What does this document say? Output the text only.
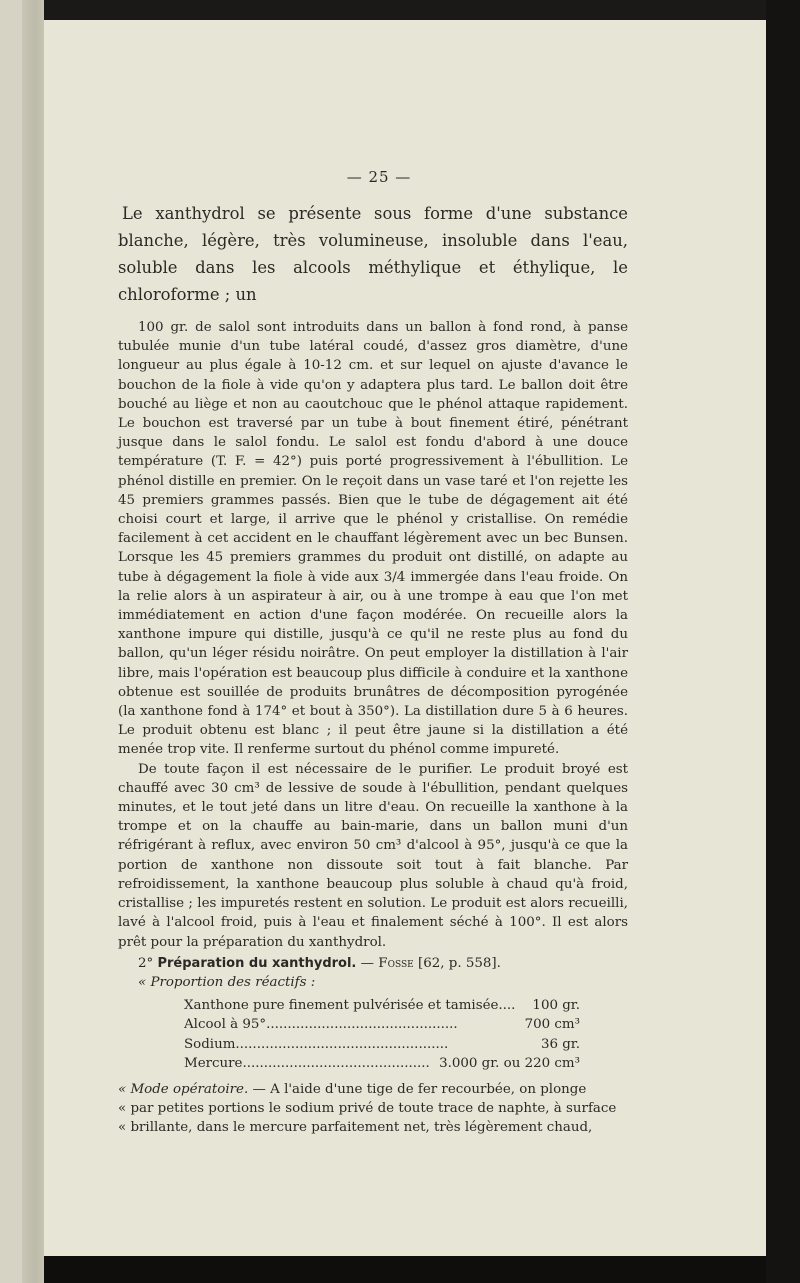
— 25 —

Le xanthydrol se présente sous forme d'une substance blanche, légère, très volumineuse, insoluble dans l'eau, soluble dans les alcools méthylique et éthylique, le chloroforme ; un

100 gr. de salol sont introduits dans un ballon à fond rond, à panse tubulée munie d'un tube latéral coudé, d'assez gros diamètre, d'une longueur au plus égale à 10-12 cm. et sur lequel on ajuste d'avance le bouchon de la fiole à vide qu'on y adaptera plus tard. Le ballon doit être bouché au liège et non au caoutchouc que le phénol attaque rapidement. Le bouchon est traversé par un tube à bout finement étiré, pénétrant jusque dans le salol fondu. Le salol est fondu d'abord à une douce température (T. F. = 42°) puis porté progressivement à l'ébullition. Le phénol distille en premier. On le reçoit dans un vase taré et l'on rejette les 45 premiers grammes passés. Bien que le tube de dégagement ait été choisi court et large, il arrive que le phénol y cristallise. On remédie facilement à cet accident en le chauffant légèrement avec un bec Bunsen. Lorsque les 45 premiers grammes du produit ont distillé, on adapte au tube à dégagement la fiole à vide aux 3/4 immergée dans l'eau froide. On la relie alors à un aspirateur à air, ou à une trompe à eau que l'on met immédiatement en action d'une façon modérée. On recueille alors la xanthone impure qui distille, jusqu'à ce qu'il ne reste plus au fond du ballon, qu'un léger résidu noirâtre. On peut employer la distillation à l'air libre, mais l'opération est beaucoup plus difficile à conduire et la xanthone obtenue est souillée de produits brunâtres de décomposition pyrogénée (la xanthone fond à 174° et bout à 350°). La distillation dure 5 à 6 heures. Le produit obtenu est blanc ; il peut être jaune si la distillation a été menée trop vite. Il renferme surtout du phénol comme impureté.

De toute façon il est nécessaire de le purifier. Le produit broyé est chauffé avec 30 cm³ de lessive de soude à l'ébullition, pendant quelques minutes, et le tout jeté dans un litre d'eau. On recueille la xanthone à la trompe et on la chauffe au bain-marie, dans un ballon muni d'un réfrigérant à reflux, avec environ 50 cm³ d'alcool à 95°, jusqu'à ce que la portion de xanthone non dissoute soit tout à fait blanche. Par refroidissement, la xanthone beaucoup plus soluble à chaud qu'à froid, cristallise ; les impuretés restent en solution. Le produit est alors recueilli, lavé à l'alcool froid, puis à l'eau et finalement séché à 100°. Il est alors prêt pour la préparation du xanthydrol.

2° Préparation du xanthydrol. — Fosse [62, p. 558].

« Proportion des réactifs :

Xanthone pure finement pulvérisée et tamisée....	100 gr.
Alcool à 95°.............................................	700 cm³
Sodium..................................................	36 gr.
Mercure............................................ 3.000 gr. ou 220 cm³

« Mode opératoire. — A l'aide d'une tige de fer recourbée, on plonge

« par petites portions le sodium privé de toute trace de naphte, à surface

« brillante, dans le mercure parfaitement net, très légèrement chaud,
